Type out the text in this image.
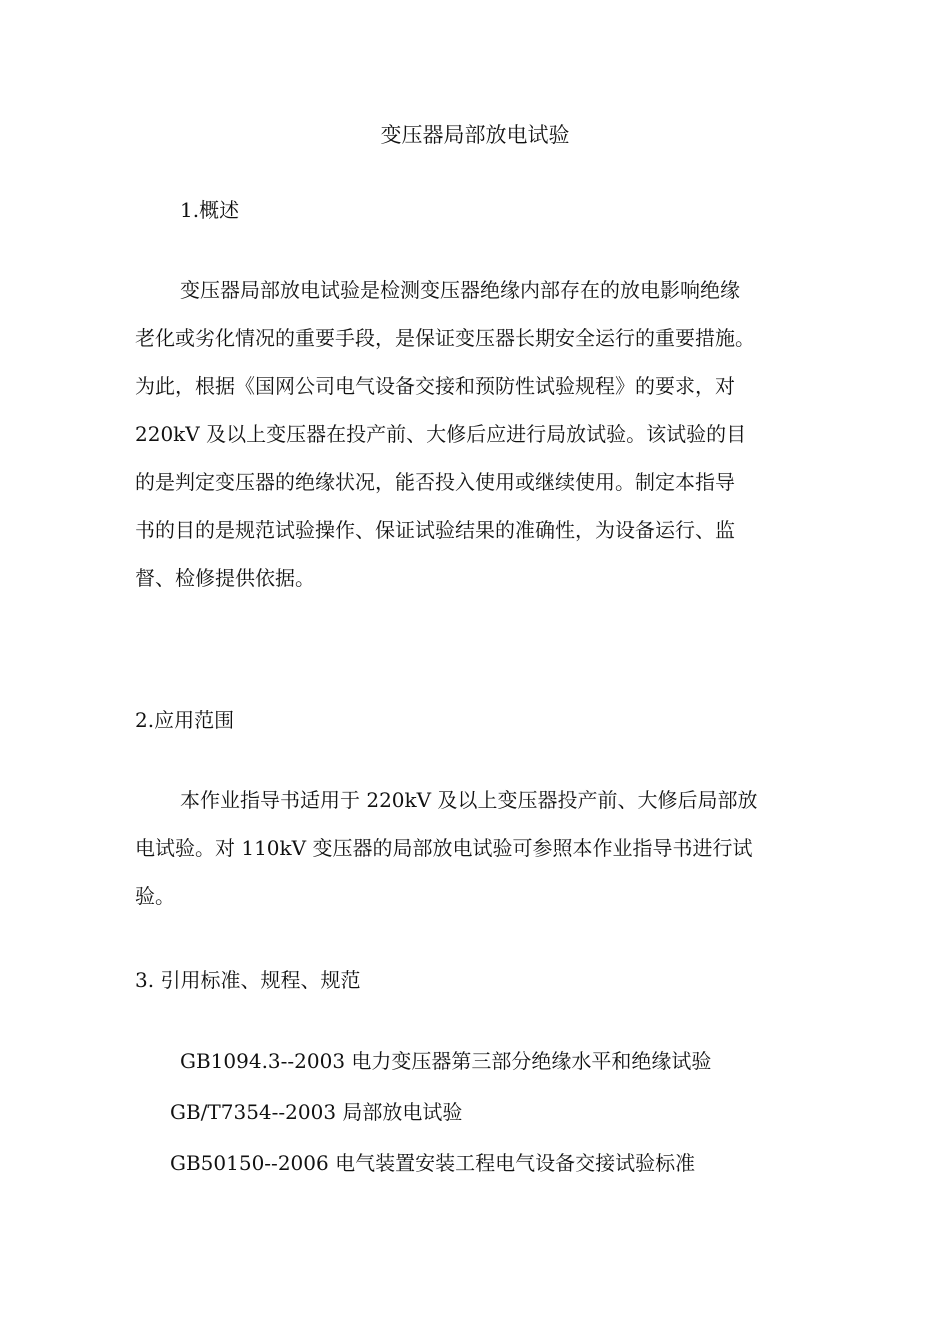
变压器局部放电试验
1.概述

变压器局部放电试验是检测变压器绝缘内部存在的放电影响绝缘
老化或劣化情况的重要手段，是保证变压器长期安全运行的重要措施。
为此，根据《国网公司电气设备交接和预防性试验规程》的要求，对
220kV 及以上变压器在投产前、大修后应进行局放试验。该试验的目
的是判定变压器的绝缘状况，能否投入使用或继续使用。制定本指导
书的目的是规范试验操作、保证试验结果的准确性，为设备运行、监
督、检修提供依据。

2.应用范围

本作业指导书适用于 220kV 及以上变压器投产前、大修后局部放
电试验。对 110kV 变压器的局部放电试验可参照本作业指导书进行试
验。

3. 引用标准、规程、规范
GB1094.3--2003 电力变压器第三部分绝缘水平和绝缘试验
GB/T7354--2003 局部放电试验
GB50150--2006 电气装置安装工程电气设备交接试验标准
